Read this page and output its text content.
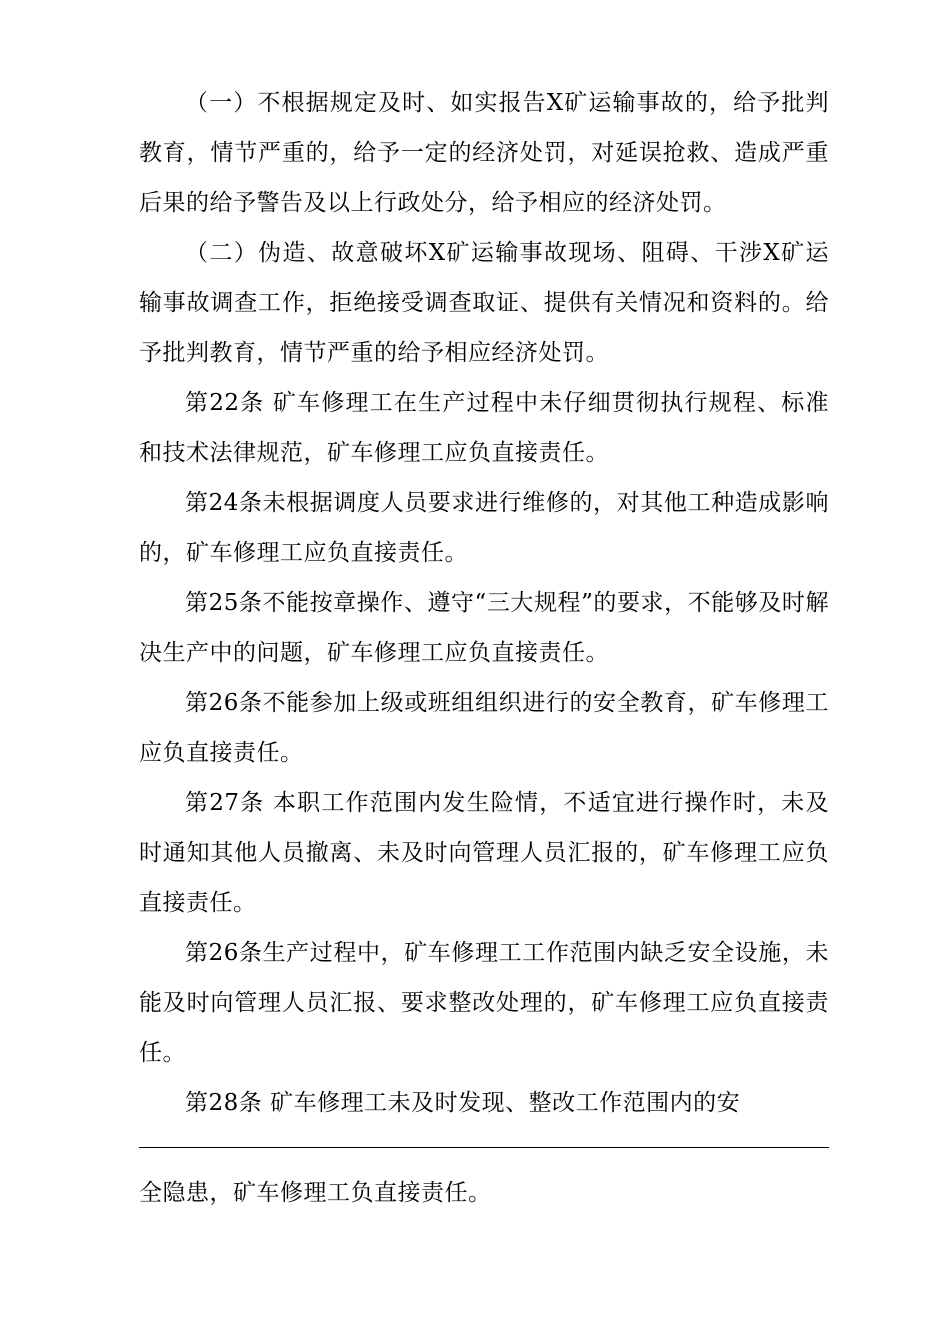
（一）不根据规定及时、如实报告X矿运输事故的，给予批判教育，情节严重的，给予一定的经济处罚，对延误抢救、造成严重后果的给予警告及以上行政处分，给予相应的经济处罚。

（二）伪造、故意破坏X矿运输事故现场、阻碍、干涉X矿运输事故调查工作，拒绝接受调查取证、提供有关情况和资料的。给予批判教育，情节严重的给予相应经济处罚。

第22条 矿车修理工在生产过程中未仔细贯彻执行规程、标准和技术法律规范，矿车修理工应负直接责任。

第24条未根据调度人员要求进行维修的，对其他工种造成影响的，矿车修理工应负直接责任。

第25条不能按章操作、遵守“三大规程”的要求，不能够及时解决生产中的问题，矿车修理工应负直接责任。

第26条不能参加上级或班组组织进行的安全教育，矿车修理工应负直接责任。

第27条 本职工作范围内发生险情，不适宜进行操作时，未及时通知其他人员撤离、未及时向管理人员汇报的，矿车修理工应负直接责任。

第26条生产过程中，矿车修理工工作范围内缺乏安全设施，未能及时向管理人员汇报、要求整改处理的，矿车修理工应负直接责任。

第28条 矿车修理工未及时发现、整改工作范围内的安

全隐患，矿车修理工负直接责任。
